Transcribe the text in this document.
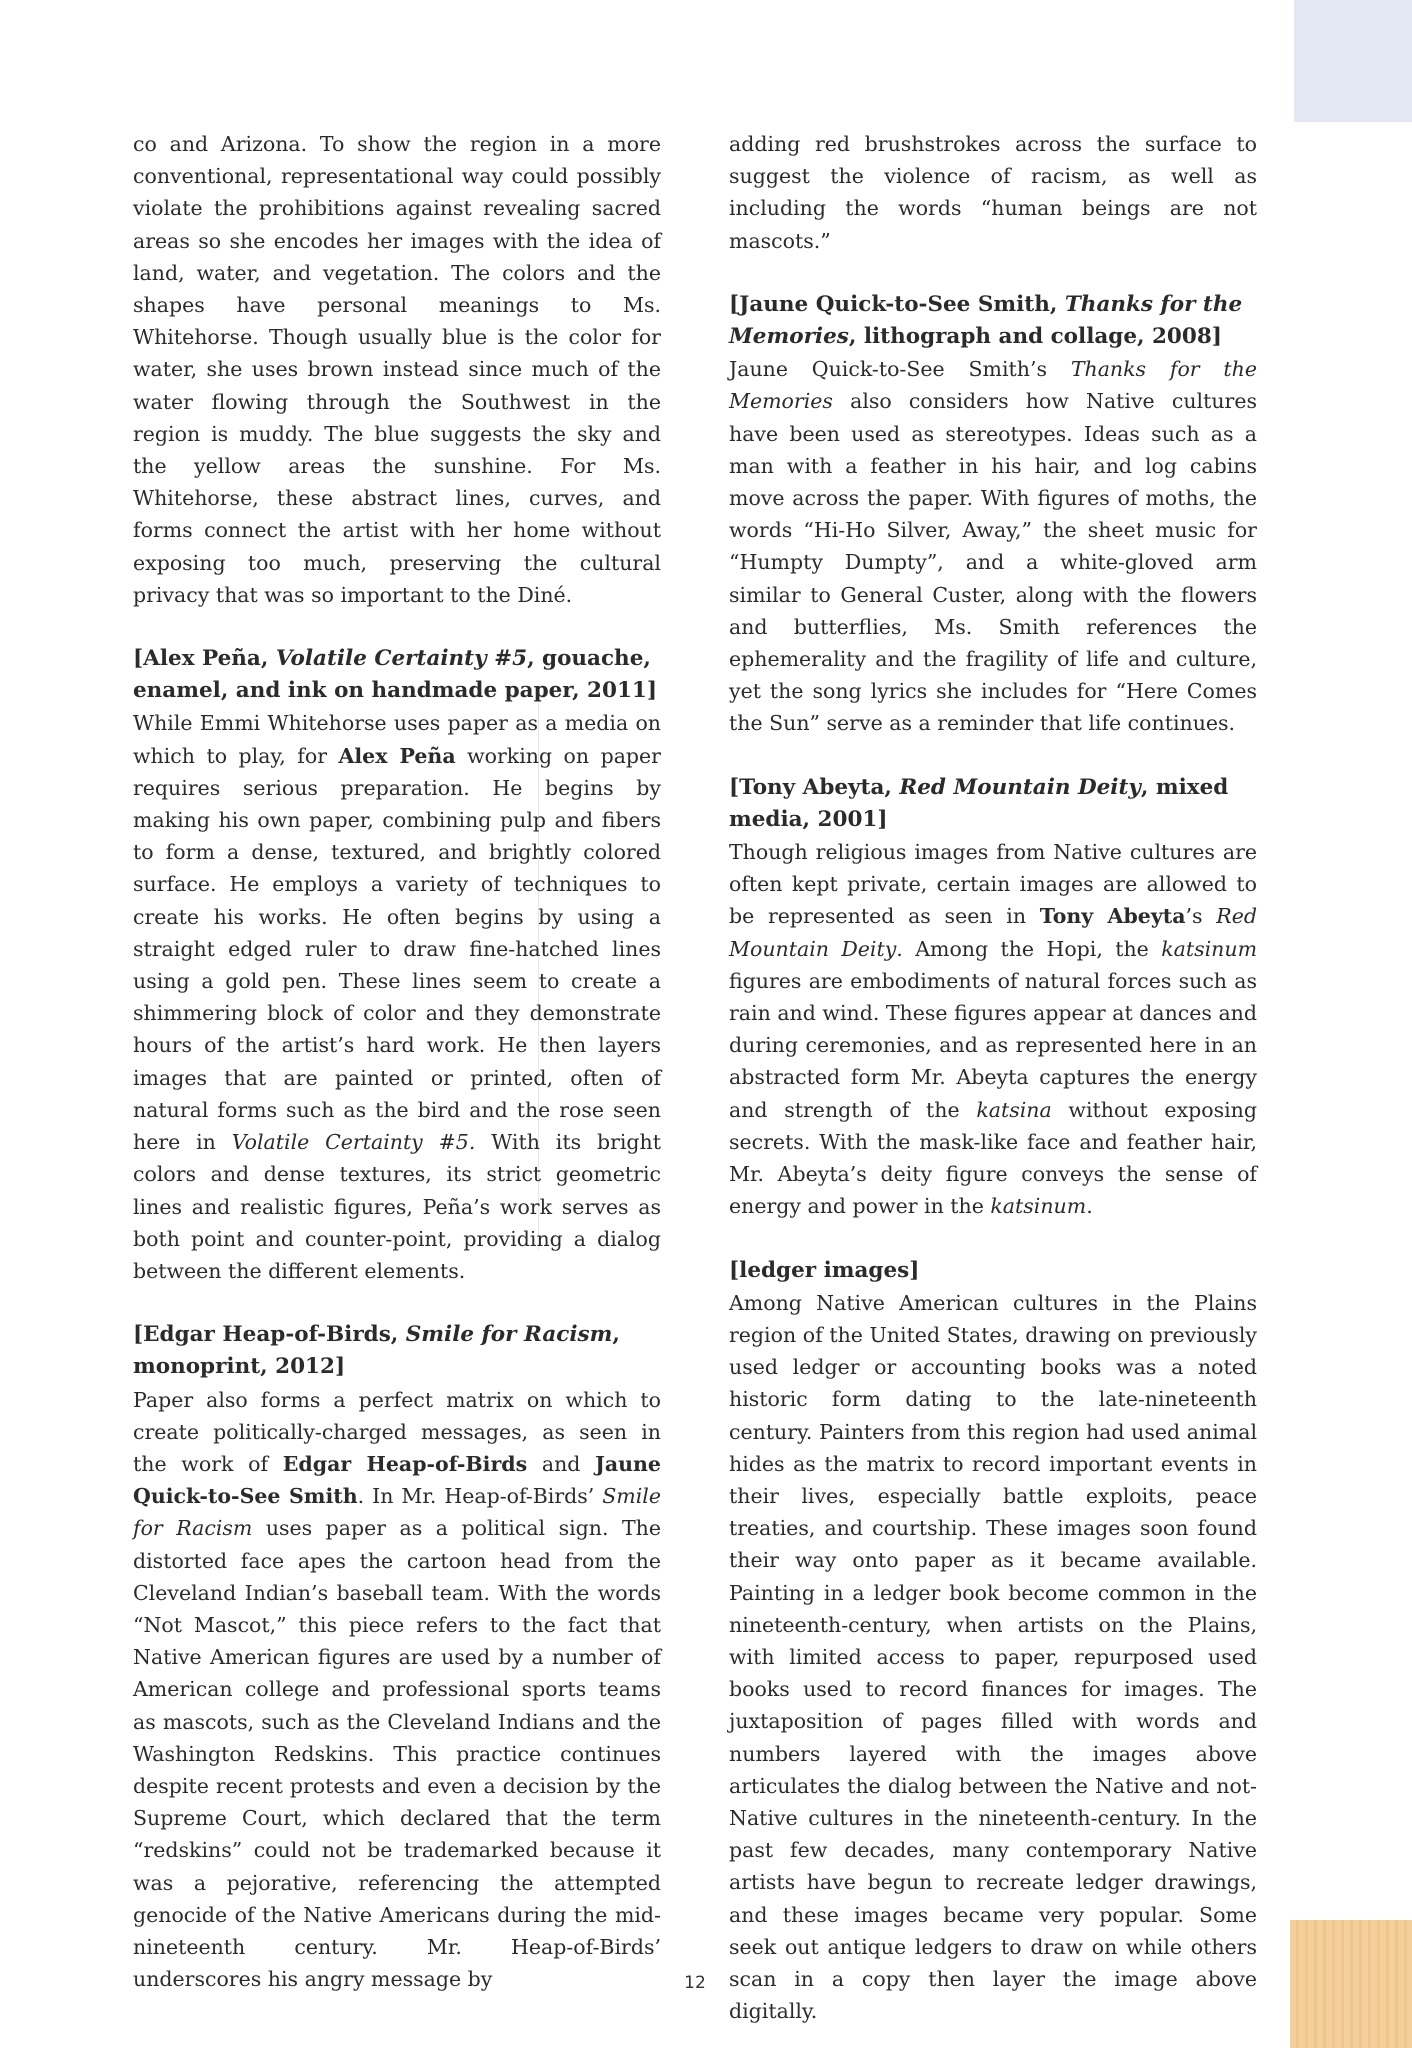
co and Arizona. To show the region in a more conventional, representational way could possibly violate the prohibitions against revealing sacred areas so she encodes her images with the idea of land, water, and vegetation. The colors and the shapes have personal meanings to Ms. Whitehorse. Though usually blue is the color for water, she uses brown instead since much of the water flowing through the Southwest in the region is muddy. The blue suggests the sky and the yellow areas the sunshine. For Ms. Whitehorse, these abstract lines, curves, and forms connect the artist with her home without exposing too much, preserving the cultural privacy that was so important to the Diné.

[Alex Peña, Volatile Certainty #5, gouache, enamel, and ink on handmade paper, 2011]

While Emmi Whitehorse uses paper as a media on which to play, for Alex Peña working on paper requires serious preparation. He begins by making his own paper, combining pulp and fibers to form a dense, textured, and brightly colored surface. He employs a variety of techniques to create his works. He often begins by using a straight edged ruler to draw fine-hatched lines using a gold pen. These lines seem to create a shimmering block of color and they demonstrate hours of the artist’s hard work. He then layers images that are painted or printed, often of natural forms such as the bird and the rose seen here in Volatile Certainty #5. With its bright colors and dense textures, its strict geometric lines and realistic figures, Peña’s work serves as both point and counter-point, providing a dialog between the different elements.

[Edgar Heap-of-Birds, Smile for Racism, monoprint, 2012]

Paper also forms a perfect matrix on which to create politically-charged messages, as seen in the work of Edgar Heap-of-Birds and Jaune Quick-to-See Smith. In Mr. Heap-of-Birds’ Smile for Racism uses paper as a political sign. The distorted face apes the cartoon head from the Cleveland Indian’s baseball team. With the words “Not Mascot,” this piece refers to the fact that Native American figures are used by a number of American college and professional sports teams as mascots, such as the Cleveland Indians and the Washington Redskins. This practice continues despite recent protests and even a decision by the Supreme Court, which declared that the term “redskins” could not be trademarked because it was a pejorative, referencing the attempted genocide of the Native Americans during the mid-nineteenth century. Mr. Heap-of-Birds’ underscores his angry message by

adding red brushstrokes across the surface to suggest the violence of racism, as well as including the words “human beings are not mascots.”

[Jaune Quick-to-See Smith, Thanks for the Memories, lithograph and collage, 2008]

Jaune Quick-to-See Smith’s Thanks for the Memories also considers how Native cultures have been used as stereotypes. Ideas such as a man with a feather in his hair, and log cabins move across the paper. With figures of moths, the words “Hi-Ho Silver, Away,” the sheet music for “Humpty Dumpty”, and a white-gloved arm similar to General Custer, along with the flowers and butterflies, Ms. Smith references the ephemerality and the fragility of life and culture, yet the song lyrics she includes for “Here Comes the Sun” serve as a reminder that life continues.

[Tony Abeyta, Red Mountain Deity, mixed media, 2001]

Though religious images from Native cultures are often kept private, certain images are allowed to be represented as seen in Tony Abeyta’s Red Mountain Deity. Among the Hopi, the katsinum figures are embodiments of natural forces such as rain and wind. These figures appear at dances and during ceremonies, and as represented here in an abstracted form Mr. Abeyta captures the energy and strength of the katsina without exposing secrets. With the mask-like face and feather hair, Mr. Abeyta’s deity figure conveys the sense of energy and power in the katsinum.

[ledger images]

Among Native American cultures in the Plains region of the United States, drawing on previously used ledger or accounting books was a noted historic form dating to the late-nineteenth century. Painters from this region had used animal hides as the matrix to record important events in their lives, especially battle exploits, peace treaties, and courtship. These images soon found their way onto paper as it became available. Painting in a ledger book become common in the nineteenth-century, when artists on the Plains, with limited access to paper, repurposed used books used to record finances for images. The juxtaposition of pages filled with words and numbers layered with the images above articulates the dialog between the Native and not-Native cultures in the nineteenth-century. In the past few decades, many contemporary Native artists have begun to recreate ledger drawings, and these images became very popular. Some seek out antique ledgers to draw on while others scan in a copy then layer the image above digitally.

12
